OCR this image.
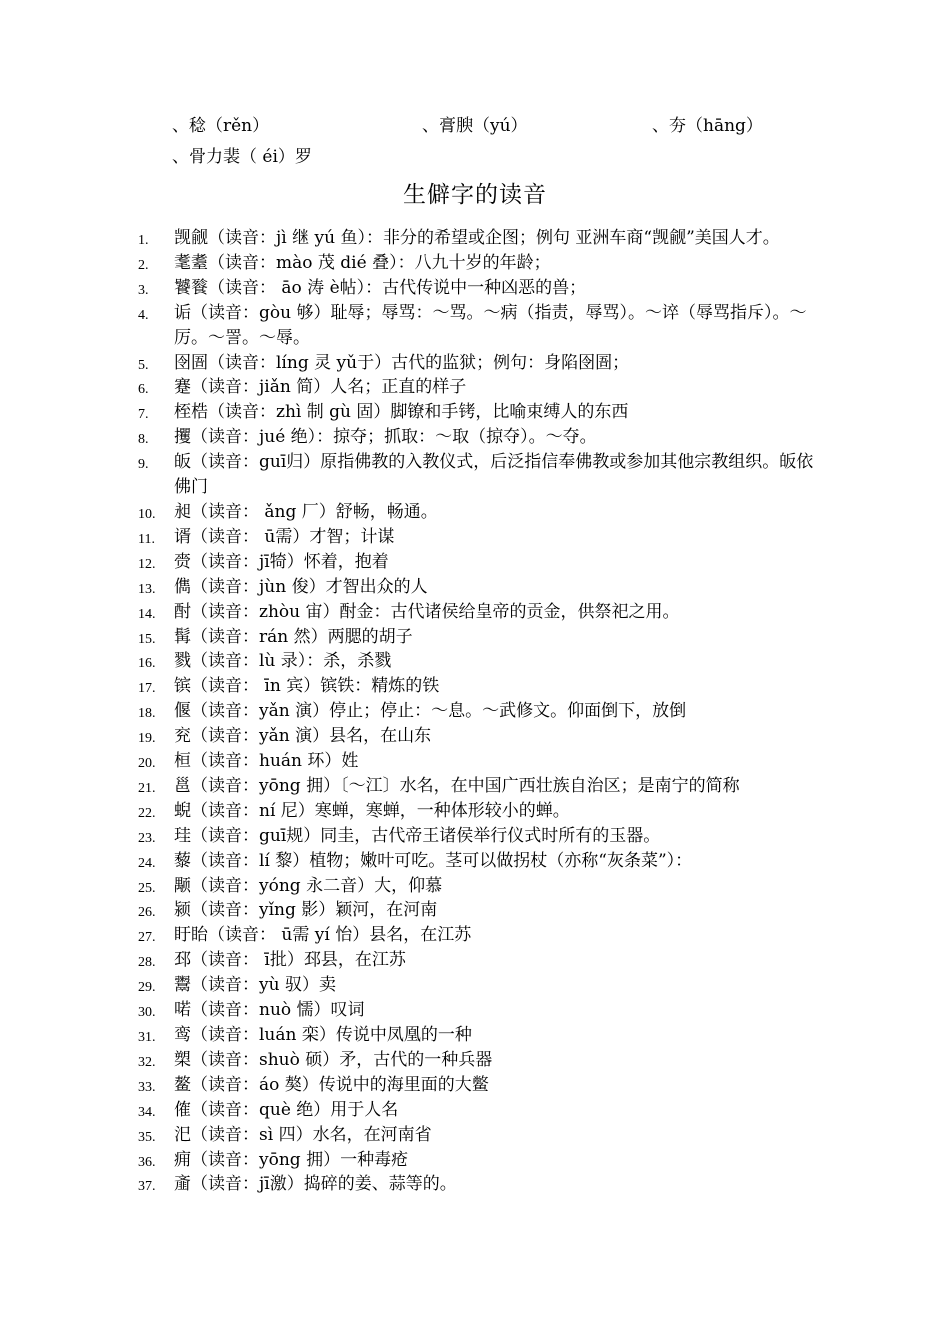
、稔（rěn）	、膏腴（yú）	、夯（hāng）
、骨力裴（ éi）罗
生僻字的读音
1. 觊觎（读音：jì 继 yú 鱼）：非分的希望或企图；例句 亚洲车商“觊觎”美国人才。
2. 耄耋（读音：mào 茂 dié 叠）：八九十岁的年龄；
3. 饕餮（读音： āo 涛 è帖）：古代传说中一种凶恶的兽；
4. 诟（读音：gòu 够）耻辱；辱骂：～骂。～病（指责，辱骂）。～谇（辱骂指斥）。～厉。～詈。～辱。
5. 囹圄（读音：líng 灵 yǔ于）古代的监狱；例句：身陷囹圄；
6. 蹇（读音：jiǎn 简）人名；正直的样子
7. 桎梏（读音：zhì 制 gù 固）脚镣和手铐，比喻束缚人的东西
8. 攫（读音：jué 绝）：掠夺；抓取：～取（掠夺）。～夺。
9. 皈（读音：guī归）原指佛教的入教仪式，后泛指信奉佛教或参加其他宗教组织。皈依佛门
10. 昶（读音： ǎng 厂）舒畅，畅通。
11. 谞（读音： ū需）才智；计谋
12. 赍（读音：jī犄）怀着，抱着
13. 儁（读音：jùn 俊）才智出众的人
14. 酎（读音：zhòu 宙）酎金：古代诸侯给皇帝的贡金，供祭祀之用。
15. 髯（读音：rán 然）两腮的胡子
16. 戮（读音：lù 录）：杀，杀戮
17. 镔（读音： īn 宾）镔铁：精炼的铁
18. 偃（读音：yǎn 演）停止；停止：～息。～武修文。仰面倒下，放倒
19. 兖（读音：yǎn 演）县名，在山东
20. 桓（读音：huán 环）姓
21. 邕（读音：yōng 拥）〔～江〕水名，在中国广西壮族自治区；是南宁的简称
22. 蜺（读音：ní 尼）寒蝉，寒蝉，一种体形较小的蝉。
23. 珪（读音：guī规）同圭，古代帝王诸侯举行仪式时所有的玉器。
24. 藜（读音：lí 黎）植物；嫩叶可吃。茎可以做拐杖（亦称“灰条菜”）：
25. 颙（读音：yóng 永二音）大，仰慕
26. 颍（读音：yǐng 影）颖河，在河南
27. 盱眙（读音： ū需 yí 怡）县名，在江苏
28. 邳（读音： ī批）邳县，在江苏
29. 鬻（读音：yù 驭）卖
30. 喏（读音：nuò 懦）叹词
31. 鸾（读音：luán 栾）传说中凤凰的一种
32. 槊（读音：shuò 硕）矛，古代的一种兵器
33. 鳌（读音：áo 獒）传说中的海里面的大鳖
34. 傕（读音：què 绝）用于人名
35. 汜（读音：sì 四）水名，在河南省
36. 痈（读音：yōng 拥）一种毒疮
37. 齑（读音：jī激）捣碎的姜、蒜等的。
